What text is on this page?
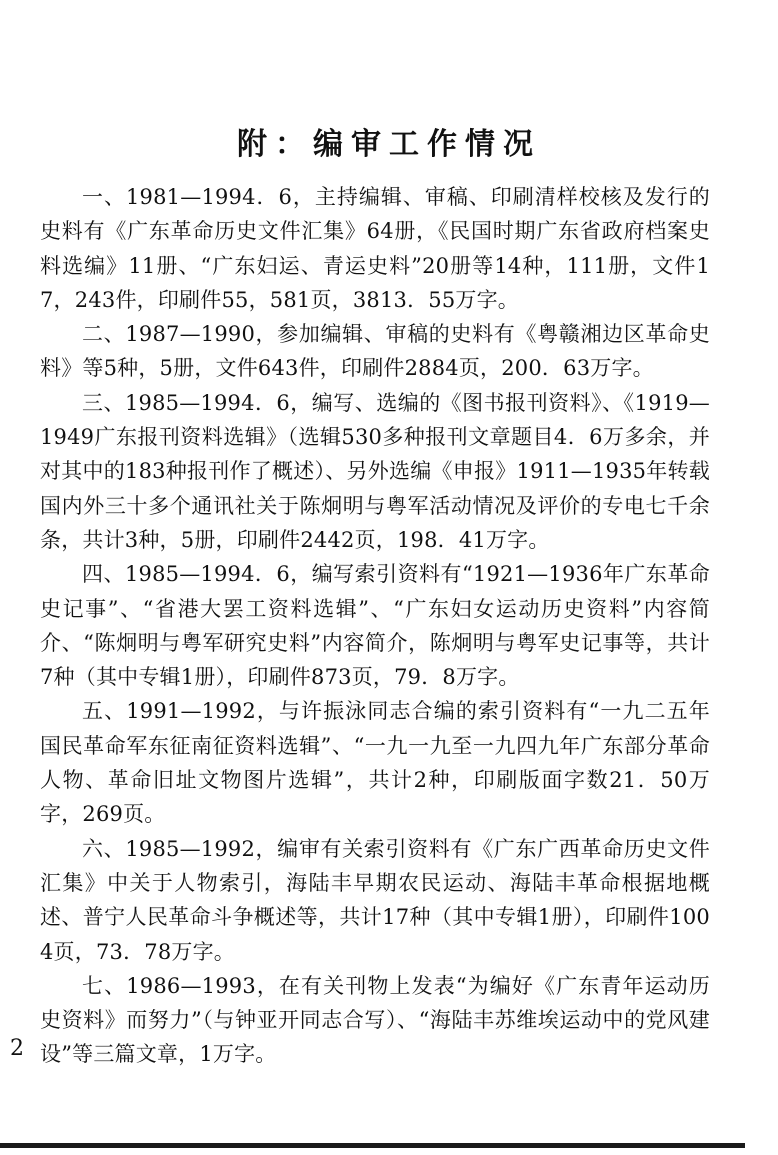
附：编审工作情况

一、1981—1994．6，主持编辑、审稿、印刷清样校核及发行的史料有《广东革命历史文件汇集》64册，《民国时期广东省政府档案史料选编》11册、“广东妇运、青运史料”20册等14种，111册，文件17，243件，印刷件55，581页，3813．55万字。

二、1987—1990，参加编辑、审稿的史料有《粤赣湘边区革命史料》等5种，5册，文件643件，印刷件2884页，200．63万字。

三、1985—1994．6，编写、选编的《图书报刊资料》、《1919—1949广东报刊资料选辑》（选辑530多种报刊文章题目4．6万多余，并对其中的183种报刊作了概述）、另外选编《申报》1911—1935年转载国内外三十多个通讯社关于陈炯明与粤军活动情况及评价的专电七千余条，共计3种，5册，印刷件2442页，198．41万字。

四、1985—1994．6，编写索引资料有“1921—1936年广东革命史记事”、“省港大罢工资料选辑”、“广东妇女运动历史资料”内容简介、“陈炯明与粤军研究史料”内容简介，陈炯明与粤军史记事等，共计7种（其中专辑1册），印刷件873页，79．8万字。

五、1991—1992，与许振泳同志合编的索引资料有“一九二五年国民革命军东征南征资料选辑”、“一九一九至一九四九年广东部分革命人物、革命旧址文物图片选辑”，共计2种，印刷版面字数21．50万字，269页。

六、1985—1992，编审有关索引资料有《广东广西革命历史文件汇集》中关于人物索引，海陆丰早期农民运动、海陆丰革命根据地概述、普宁人民革命斗争概述等，共计17种（其中专辑1册），印刷件1004页，73．78万字。

七、1986—1993，在有关刊物上发表“为编好《广东青年运动历史资料》而努力”（与钟亚开同志合写）、“海陆丰苏维埃运动中的党风建设”等三篇文章，1万字。

2
